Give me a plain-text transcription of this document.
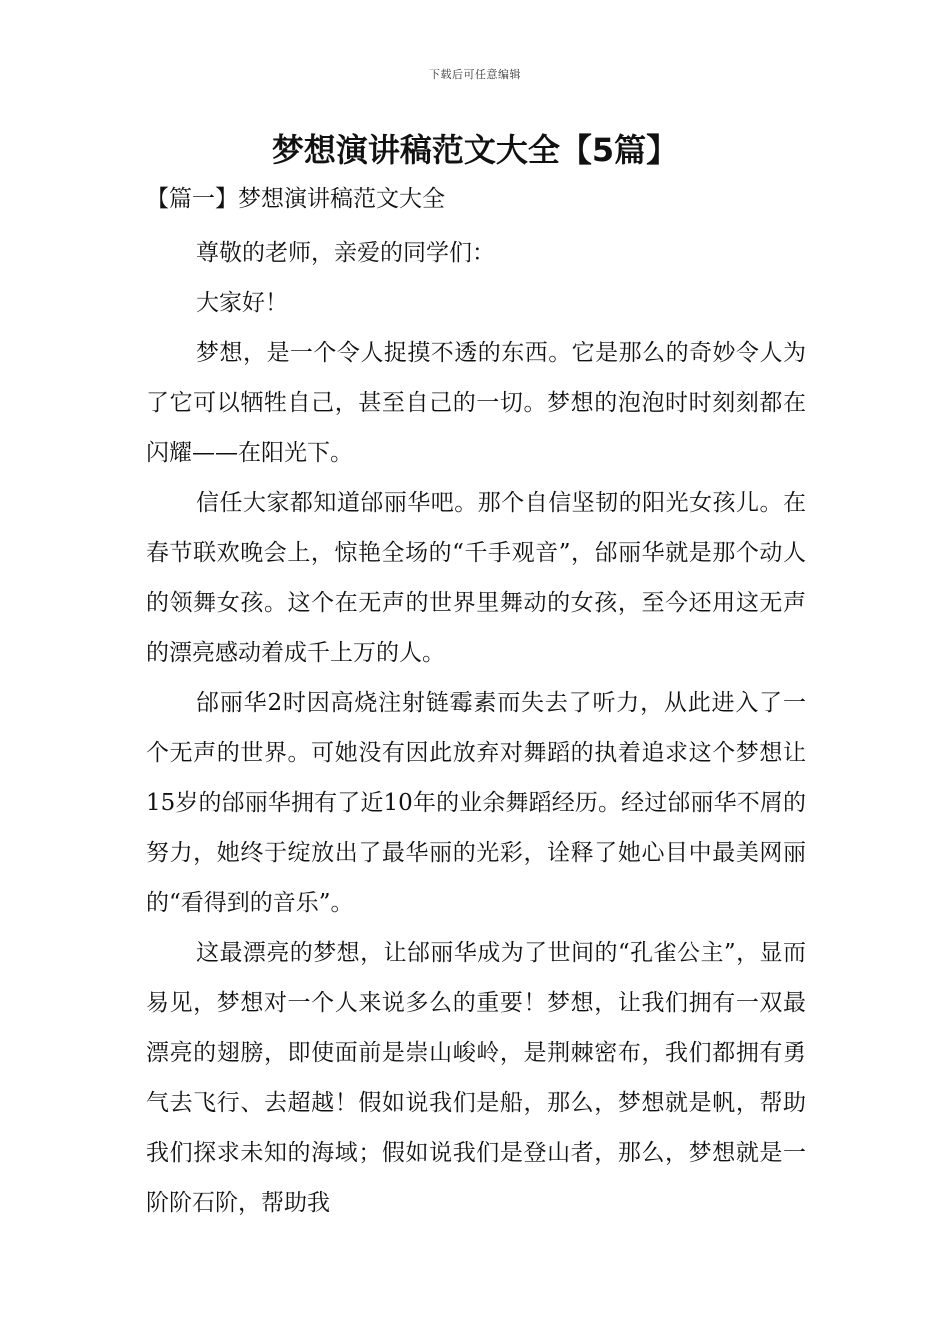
下载后可任意编辑
梦想演讲稿范文大全【5篇】
【篇一】梦想演讲稿范文大全

尊敬的老师，亲爱的同学们：

大家好！

梦想，是一个令人捉摸不透的东西。它是那么的奇妙令人为了它可以牺牲自己，甚至自己的一切。梦想的泡泡时时刻刻都在闪耀——在阳光下。

信任大家都知道邰丽华吧。那个自信坚韧的阳光女孩儿。在春节联欢晚会上，惊艳全场的“千手观音”，邰丽华就是那个动人的领舞女孩。这个在无声的世界里舞动的女孩，至今还用这无声的漂亮感动着成千上万的人。

邰丽华2时因高烧注射链霉素而失去了听力，从此进入了一个无声的世界。可她没有因此放弃对舞蹈的执着追求这个梦想让15岁的邰丽华拥有了近10年的业余舞蹈经历。经过邰丽华不屑的努力，她终于绽放出了最华丽的光彩，诠释了她心目中最美网丽的“看得到的音乐”。

这最漂亮的梦想，让邰丽华成为了世间的“孔雀公主”，显而易见，梦想对一个人来说多么的重要！梦想，让我们拥有一双最漂亮的翅膀，即使面前是崇山峻岭，是荆棘密布，我们都拥有勇气去飞行、去超越！假如说我们是船，那么，梦想就是帆，帮助我们探求未知的海域；假如说我们是登山者，那么，梦想就是一阶阶石阶，帮助我
